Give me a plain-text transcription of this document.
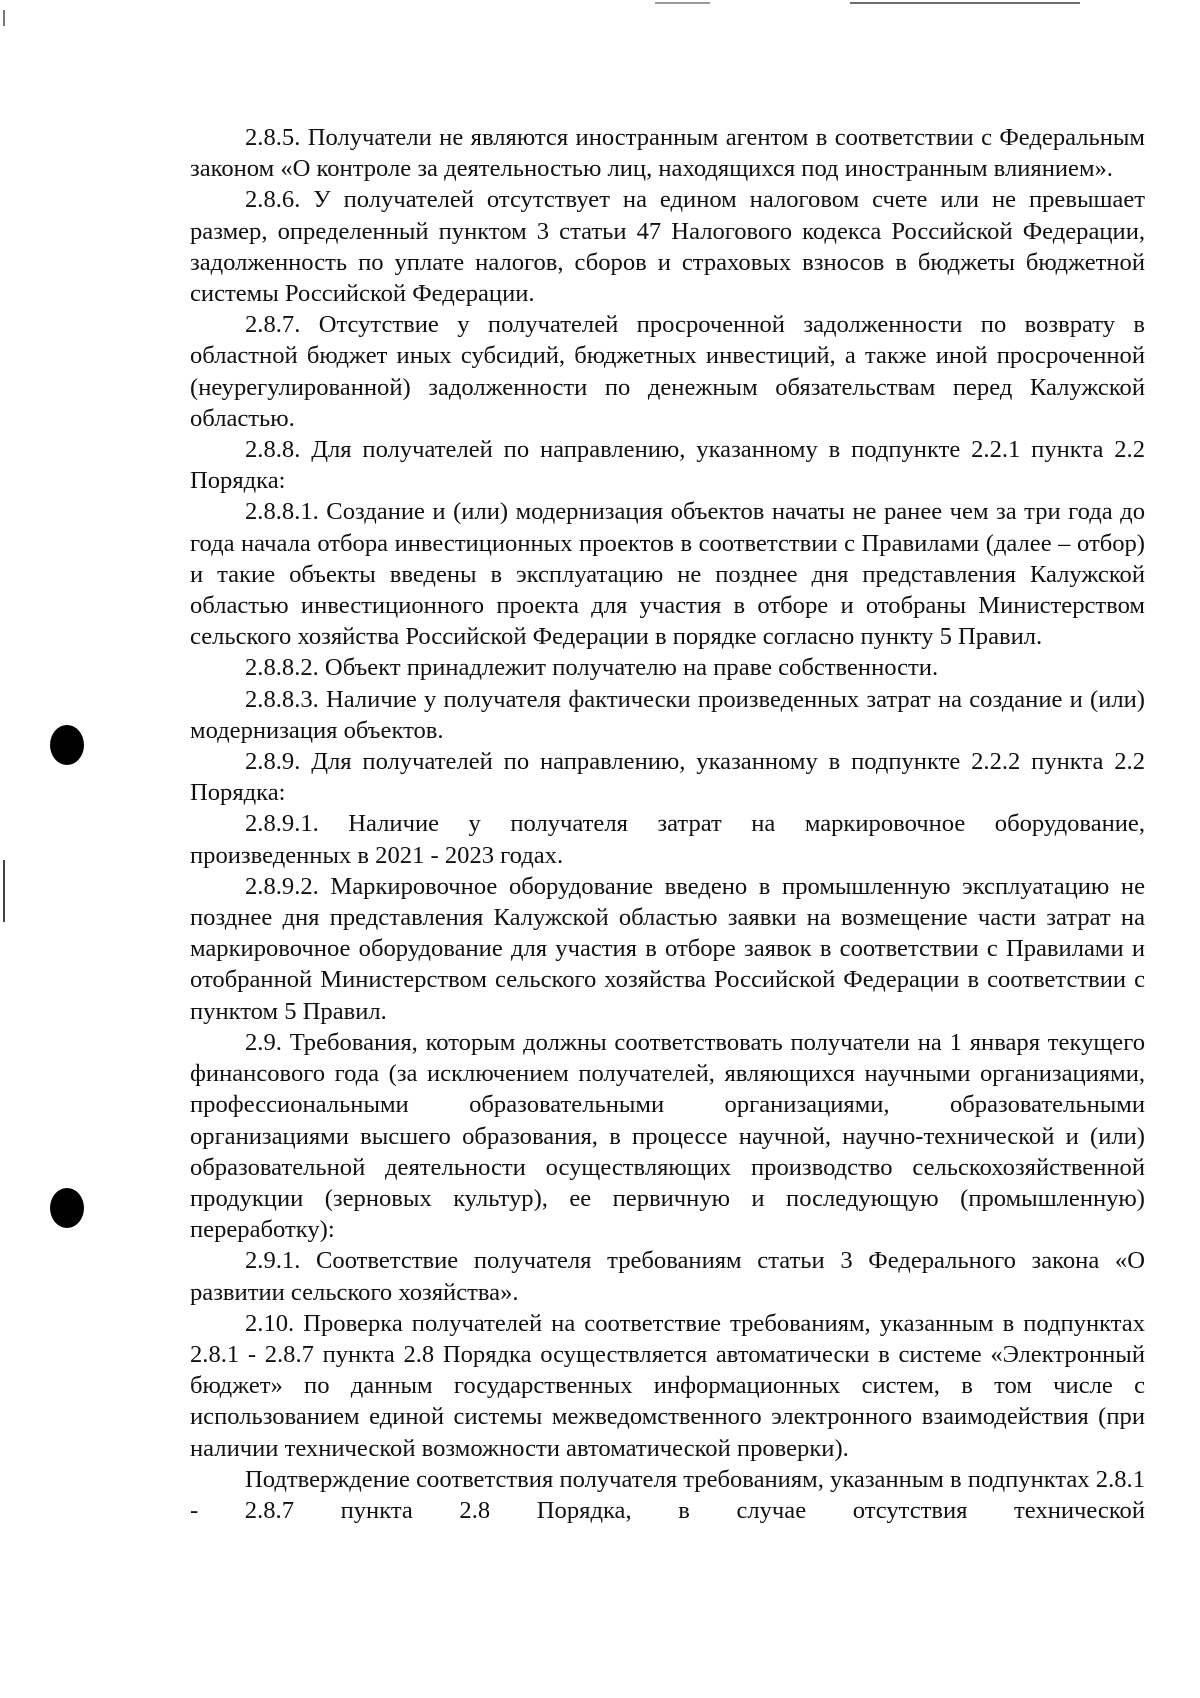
2.8.5. Получатели не являются иностранным агентом в соответствии с Федеральным законом «О контроле за деятельностью лиц, находящихся под иностранным влиянием».

2.8.6. У получателей отсутствует на едином налоговом счете или не превышает размер, определенный пунктом 3 статьи 47 Налогового кодекса Российской Федерации, задолженность по уплате налогов, сборов и страховых взносов в бюджеты бюджетной системы Российской Федерации.

2.8.7. Отсутствие у получателей просроченной задолженности по возврату в областной бюджет иных субсидий, бюджетных инвестиций, а также иной просроченной (неурегулированной) задолженности по денежным обязательствам перед Калужской областью.

2.8.8. Для получателей по направлению, указанному в подпункте 2.2.1 пункта 2.2 Порядка:

2.8.8.1. Создание и (или) модернизация объектов начаты не ранее чем за три года до года начала отбора инвестиционных проектов в соответствии с Правилами (далее – отбор) и такие объекты введены в эксплуатацию не позднее дня представления Калужской областью инвестиционного проекта для участия в отборе и отобраны Министерством сельского хозяйства Российской Федерации в порядке согласно пункту 5 Правил.

2.8.8.2. Объект принадлежит получателю на праве собственности.

2.8.8.3. Наличие у получателя фактически произведенных затрат на создание и (или) модернизация объектов.

2.8.9. Для получателей по направлению, указанному в подпункте 2.2.2 пункта 2.2 Порядка:

2.8.9.1. Наличие у получателя затрат на маркировочное оборудование, произведенных в 2021 - 2023 годах.

2.8.9.2. Маркировочное оборудование введено в промышленную эксплуатацию не позднее дня представления Калужской областью заявки на возмещение части затрат на маркировочное оборудование для участия в отборе заявок в соответствии с Правилами и отобранной Министерством сельского хозяйства Российской Федерации в соответствии с пунктом 5 Правил.

2.9. Требования, которым должны соответствовать получатели на 1 января текущего финансового года (за исключением получателей, являющихся научными организациями, профессиональными образовательными организациями, образовательными организациями высшего образования, в процессе научной, научно-технической и (или) образовательной деятельности осуществляющих производство сельскохозяйственной продукции (зерновых культур), ее первичную и последующую (промышленную) переработку):

2.9.1. Соответствие получателя требованиям статьи 3 Федерального закона «О развитии сельского хозяйства».

2.10. Проверка получателей на соответствие требованиям, указанным в подпунктах 2.8.1 - 2.8.7 пункта 2.8 Порядка осуществляется автоматически в системе «Электронный бюджет» по данным государственных информационных систем, в том числе с использованием единой системы межведомственного электронного взаимодействия (при наличии технической возможности автоматической проверки).

Подтверждение соответствия получателя требованиям, указанным в подпунктах 2.8.1 - 2.8.7 пункта 2.8 Порядка, в случае отсутствия технической
